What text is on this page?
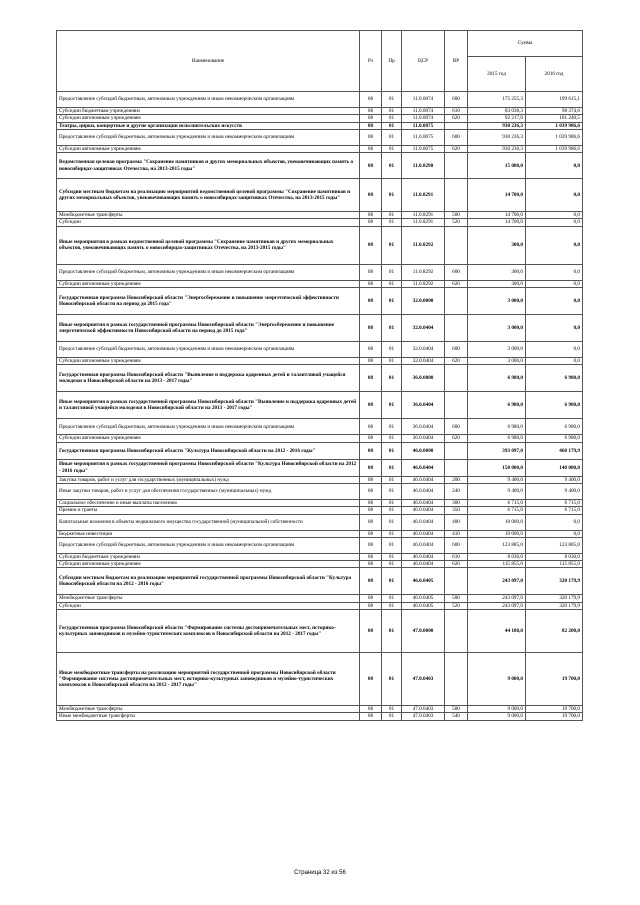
Наименование	Рз	Пр	ЦСР	ВР	Сумма	
					2015 год	2016 год
Предоставление субсидий бюджетным, автономным учреждениям и иным некоммерческим организациям	08	01	11.0.0074	600	175 255,3	199 615,1
Субсидии бюджетным учреждениям	08	01	11.0.0074	610	83 038,3	98 374,6
Субсидии автономным учреждениям	08	01	11.0.0074	620	92 217,0	101 240,5
Театры, цирки, концертные и другие организации исполнительских искусств	08	01	11.0.0075		930 236,3	1 039 986,6
Предоставление субсидий бюджетным, автономным учреждениям и иным некоммерческим организациям	08	01	11.0.0075	600	930 236,3	1 039 986,6
Субсидии автономным учреждениям	08	01	11.0.0075	620	930 236,3	1 039 986,6
Ведомственная целевая программа "Сохранение памятников и других мемориальных объектов, увековечивающих память о новосибирцах-защитниках Отечества, на 2013-2015 годы"	08	01	11.0.8290		15 000,0	0,0
Субсидии местным бюджетам на реализацию мероприятий ведомственной целевой программы "Сохранение памятников и других мемориальных объектов, увековечивающих память о новосибирцах-защитниках Отечества, на 2013-2015 годы"	08	01	11.0.8291		14 700,0	0,0
Межбюджетные трансферты	08	01	11.0.8291	500	14 700,0	0,0
Субсидии	08	01	11.0.8291	520	14 700,0	0,0
Иные мероприятия в рамках ведомственной целевой программы "Сохранение памятников и других мемориальных объектов, увековечивающих память о новосибирцах-защитниках Отечества, на 2013-2015 годы"	08	01	11.0.8292		300,0	0,0
Предоставление субсидий бюджетным, автономным учреждениям и иным некоммерческим организациям	08	01	11.0.8292	600	300,0	0,0
Субсидии автономным учреждениям	08	01	11.0.8292	620	300,0	0,0
Государственная программа Новосибирской области "Энергосбережение и повышение энергетической эффективности Новосибирской области на период до 2015 года"	08	01	32.0.0000		3 000,0	0,0
Иные мероприятия в рамках государственной программы Новосибирской области "Энергосбережение и повышение энергетической эффективности Новосибирской области на период до 2015 года"	08	01	32.0.0404		3 000,0	0,0
Предоставление субсидий бюджетным, автономным учреждениям и иным некоммерческим организациям	08	01	32.0.0404	600	3 000,0	0,0
Субсидии автономным учреждениям	08	01	32.0.0404	620	3 000,0	0,0
Государственная программа Новосибирской области "Выявление и поддержка одаренных детей и талантливой учащейся молодежи в Новосибирской области на 2013 - 2017 годы"	08	01	36.0.0000		6 980,0	6 980,0
Иные мероприятия в рамках государственной программы Новосибирской области "Выявление и поддержка одаренных детей и талантливой учащейся молодежи в Новосибирской области на 2013 - 2017 годы"	08	01	36.0.0404		6 980,0	6 980,0
Предоставление субсидий бюджетным, автономным учреждениям и иным некоммерческим организациям	08	01	36.0.0404	600	6 980,0	6 980,0
Субсидии автономным учреждениям	08	01	36.0.0404	620	6 980,0	6 980,0
Государственная программа Новосибирской области "Культура Новосибирской области на 2012 - 2016 годы"	08	01	46.0.0000		393 097,0	460 179,9
Иные мероприятия в рамках государственной программы Новосибирской области "Культура Новосибирской области на 2012 - 2016 годы"	08	01	46.0.0404		150 000,0	140 000,0
Закупка товаров, работ и услуг для государственных (муниципальных) нужд	08	01	46.0.0404	200	9 400,0	9 400,0
Иные закупки товаров, работ и услуг для обеспечения государственных (муниципальных) нужд	08	01	46.0.0404	240	9 400,0	9 400,0
Социальное обеспечение и иные выплаты населению	08	01	46.0.0404	300	6 715,0	6 715,0
Премии и гранты	08	01	46.0.0404	350	6 715,0	6 715,0
Капитальные вложения в объекты недвижимого имущества государственной (муниципальной) собственности	08	01	46.0.0404	400	10 000,0	0,0
Бюджетные инвестиции	08	01	46.0.0404	410	10 000,0	0,0
Предоставление субсидий бюджетным, автономным учреждениям и иным некоммерческим организациям	08	01	46.0.0404	600	123 885,0	123 885,0
Субсидии бюджетным учреждениям	08	01	46.0.0404	610	8 030,0	8 030,0
Субсидии автономным учреждениям	08	01	46.0.0404	620	115 855,0	115 855,0
Субсидии местным бюджетам на реализацию мероприятий государственной программы Новосибирской области "Культура Новосибирской области на 2012 - 2016 годы"	08	01	46.0.0405		243 097,0	320 179,9
Межбюджетные трансферты	08	01	46.0.0405	500	243 097,0	320 179,9
Субсидии	08	01	46.0.0405	520	243 097,0	320 179,9
Государственная программа Новосибирской области "Формирование системы достопримечательных мест, историко-культурных заповедников и музейно-туристических комплексов в Новосибирской области на 2012 - 2017 годы"	08	01	47.0.0000		44 180,0	82 200,0
Иные межбюджетные трансферты на реализацию мероприятий государственной программы Новосибирской области "Формирование системы достопримечательных мест, историко-культурных заповедников и музейно-туристических комплексов в Новосибирской области на 2012 - 2017 годы"	08	01	47.0.0403		9 000,0	19 700,0
Межбюджетные трансферты	08	01	47.0.0403	500	9 000,0	19 700,0
Иные межбюджетные трансферты	08	01	47.0.0403	540	9 000,0	19 700,0
Страница 32 из 56
